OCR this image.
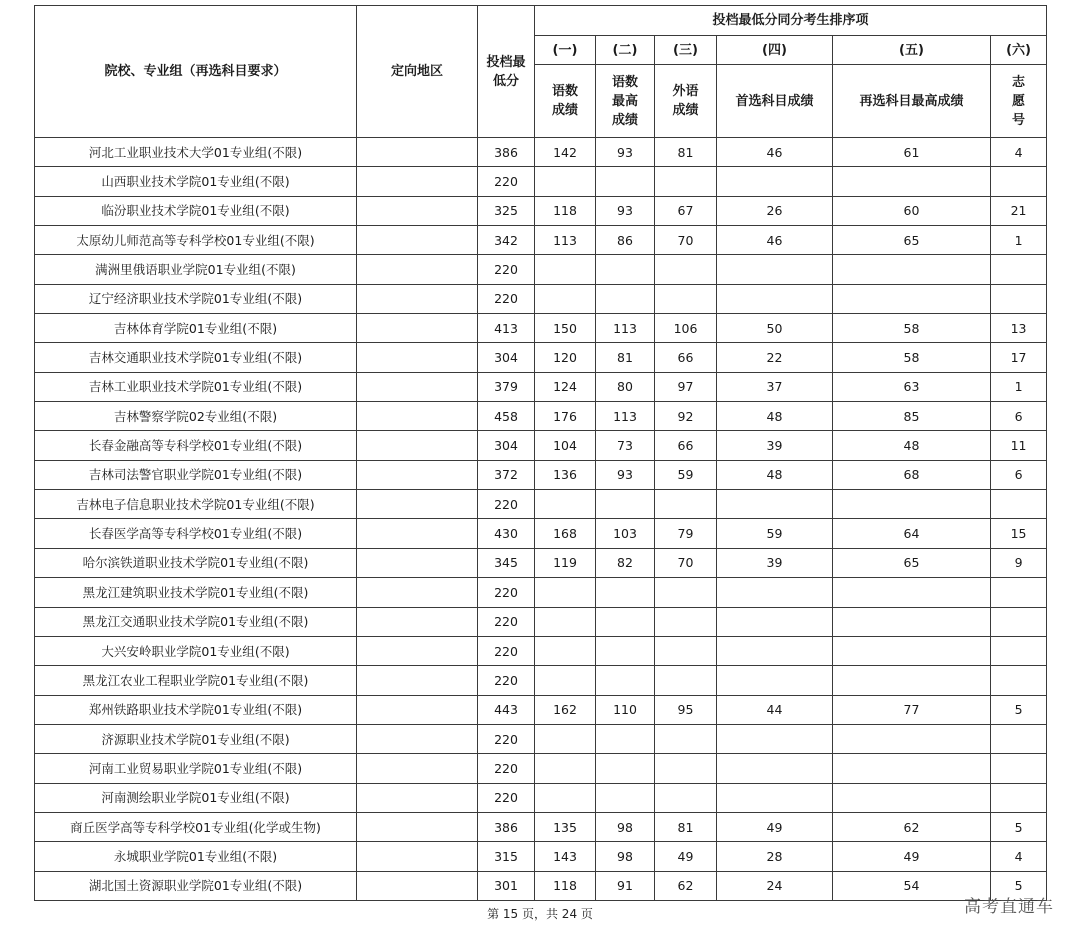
院校、专业组（再选科目要求）	定向地区	投档最低分	投档最低分同分考生排序项					
			(一)	(二)	(三)	(四)	(五)	(六)
			语数成绩	语数最高成绩	外语成绩	首选科目成绩	再选科目最高成绩	志愿号
河北工业职业技术大学01专业组(不限)		386	142	93	81	46	61	4
山西职业技术学院01专业组(不限)		220						
临汾职业技术学院01专业组(不限)		325	118	93	67	26	60	21
太原幼儿师范高等专科学校01专业组(不限)		342	113	86	70	46	65	1
满洲里俄语职业学院01专业组(不限)		220						
辽宁经济职业技术学院01专业组(不限)		220						
吉林体育学院01专业组(不限)		413	150	113	106	50	58	13
吉林交通职业技术学院01专业组(不限)		304	120	81	66	22	58	17
吉林工业职业技术学院01专业组(不限)		379	124	80	97	37	63	1
吉林警察学院02专业组(不限)		458	176	113	92	48	85	6
长春金融高等专科学校01专业组(不限)		304	104	73	66	39	48	11
吉林司法警官职业学院01专业组(不限)		372	136	93	59	48	68	6
吉林电子信息职业技术学院01专业组(不限)		220						
长春医学高等专科学校01专业组(不限)		430	168	103	79	59	64	15
哈尔滨铁道职业技术学院01专业组(不限)		345	119	82	70	39	65	9
黑龙江建筑职业技术学院01专业组(不限)		220						
黑龙江交通职业技术学院01专业组(不限)		220						
大兴安岭职业学院01专业组(不限)		220						
黑龙江农业工程职业学院01专业组(不限)		220						
郑州铁路职业技术学院01专业组(不限)		443	162	110	95	44	77	5
济源职业技术学院01专业组(不限)		220						
河南工业贸易职业学院01专业组(不限)		220						
河南测绘职业学院01专业组(不限)		220						
商丘医学高等专科学校01专业组(化学或生物)		386	135	98	81	49	62	5
永城职业学院01专业组(不限)		315	143	98	49	28	49	4
湖北国土资源职业学院01专业组(不限)		301	118	91	62	24	54	5
第 15 页，共 24 页	高考直通车
